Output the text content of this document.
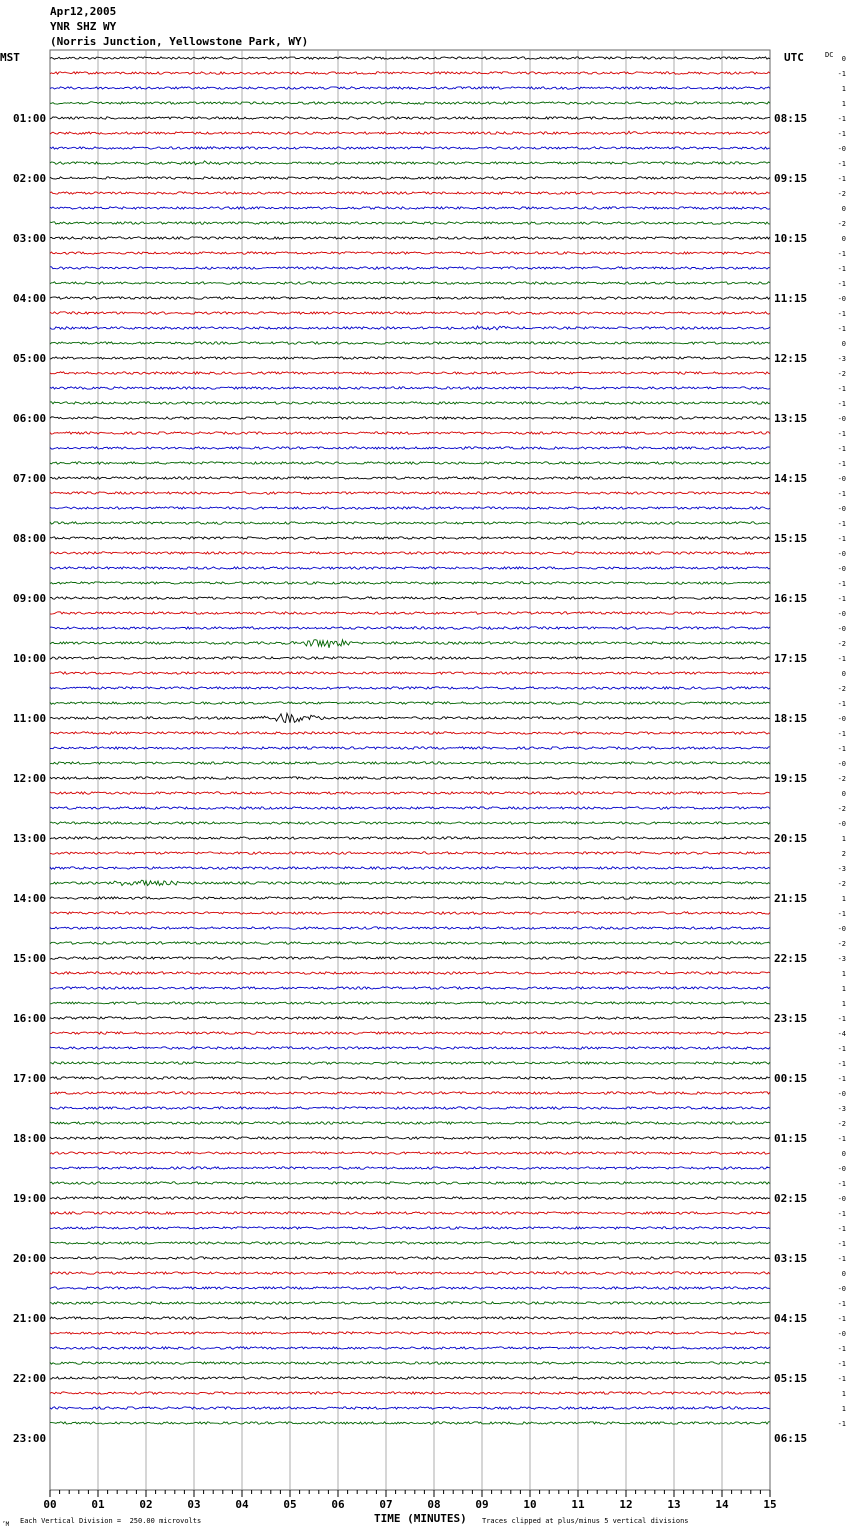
Apr12,2005
YNR SHZ WY
(Norris Junction, Yellowstone Park, WY)
01:00
02:00
03:00
04:00
05:00
06:00
07:00
08:00
09:00
10:00
11:00
12:00
13:00
14:00
15:00
16:00
17:00
18:00
19:00
20:00
21:00
22:00
23:00
08:15
09:15
10:15
11:15
12:15
13:15
14:15
15:15
16:15
17:15
18:15
19:15
20:15
21:15
22:15
23:15
00:15
01:15
02:15
03:15
04:15
05:15
06:15
0
-1
1
1
-1
-1
-0
-1
-1
-2
0
-2
0
-1
-1
-1
-0
-1
-1
0
-3
-2
-1
-1
-0
-1
-1
-1
-0
-1
-0
-1
-1
-0
-0
-1
-1
-0
-0
-2
-1
0
-2
-1
-0
-1
-1
-0
-2
0
-2
-0
1
2
-3
-2
1
-1
-0
-2
-3
1
1
1
-1
-4
-1
-1
-1
-0
-3
-2
-1
0
-0
-1
-0
-1
-1
-1
-1
0
-0
-1
-1
-0
-1
-1
-1
1
1
-1
00	01	02	03	04	05	06	07	08	09	10	11	12	13	14	15
MST	UTC	DC
TIME (MINUTES)
Each Vertical Division =  250.00 microvolts	Traces clipped at plus/minus 5 vertical divisions
’M
